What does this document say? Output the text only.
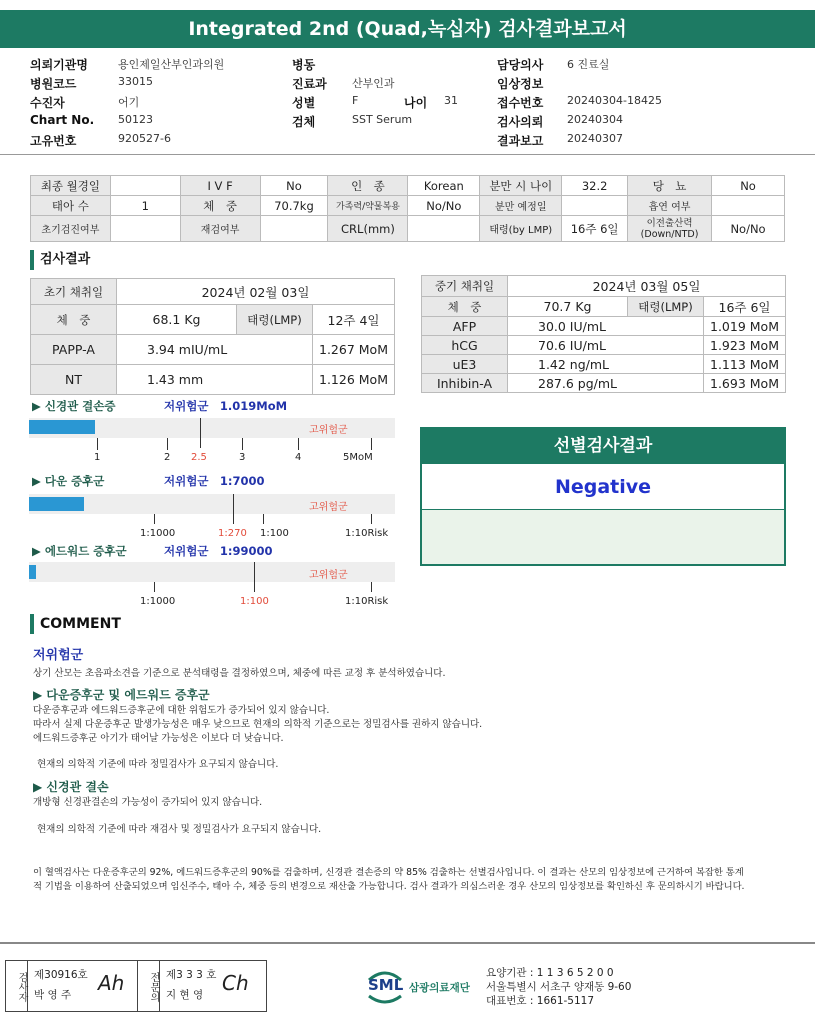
Integrated 2nd (Quad,녹십자) 검사결과보고서
의뢰기관명	용인제일산부인과의원
병원코드	33015
수진자	어기
Chart No.	50123
고유번호	920527-6
병동
진료과	산부인과
성별	F	나이	31
검체	SST Serum
담당의사	6 진료실
임상정보
접수번호	20240304-18425
검사의뢰	20240304
결과보고	20240307
최종 월경일		I V F	No	인　종	Korean	분만 시 나이	32.2	당　뇨	No
태아 수	1	체　중	70.7kg	가족력/약물복용	No/No	분만 예정일		흡연 여부	
초기검진여부		재검여부		CRL(mm)		태령(by LMP)	16주 6일	이전출산력 (Down/NTD)	No/No
검사결과
초기 채취일	2024년 02월 03일		
체　중	68.1 Kg	태령(LMP)	12주 4일
PAPP-A	3.94 mIU/mL		1.267 MoM
NT	1.43 mm		1.126 MoM
중기 채취일	2024년 03월 05일		
체　중	70.7 Kg	태령(LMP)	16주 6일
AFP	30.0 IU/mL		1.019 MoM
hCG	70.6 IU/mL		1.923 MoM
uE3	1.42 ng/mL		1.113 MoM
Inhibin-A	287.6 pg/mL		1.693 MoM
▶ 신경관 결손증	저위험군　1.019MoM
고위험군
1	2 2.5	3	4	5MoM
▶ 다운 증후군	저위험군　1:7000
고위험군
1:1000	1:270 1:100	1:10Risk
▶ 에드워드 증후군	저위험군　1:99000
고위험군
1:1000	1:100	1:10Risk
선별검사결과
Negative
COMMENT
저위험군
상기 산모는 초음파소견을 기준으로 분석태령을 결정하였으며, 체중에 따른 교정 후 분석하였습니다.
▶ 다운증후군 및 에드워드 증후군
다운증후군과 에드워드증후군에 대한 위험도가 증가되어 있지 않습니다.
따라서 실제 다운증후군 발생가능성은 매우 낮으므로 현재의 의학적 기준으로는 정밀검사를 권하지 않습니다.
에드워드증후군 아기가 태어날 가능성은 이보다 더 낮습니다.
현재의 의학적 기준에 따라 정밀검사가 요구되지 않습니다.
▶ 신경관 결손
개방형 신경관결손의 가능성이 증가되어 있지 않습니다.
현재의 의학적 기준에 따라 재검사 및 정밀검사가 요구되지 않습니다.
이 혈액검사는 다운증후군의 92%, 에드워드증후군의 90%를 검출하며, 신경관 결손증의 약 85% 검출하는 선별검사입니다. 이 결과는 산모의 임상정보에 근거하여 복잡한 통계
적 기법을 이용하여 산출되었으며 임신주수, 태아 수, 체중 등의 변경으로 재산출 가능합니다. 검사 결과가 의심스러운 경우 산모의 임상정보를 확인하신 후 문의하시기 바랍니다.
검사자 제30916호
박 영 주	Ah	전문의 제3 3 3 호
지 현 영 Ch	SML 삼광의료재단
요양기관 : 1 1 3 6 5 2 0 0
서울특별시 서초구 양재동 9-60
대표번호 : 1661-5117
